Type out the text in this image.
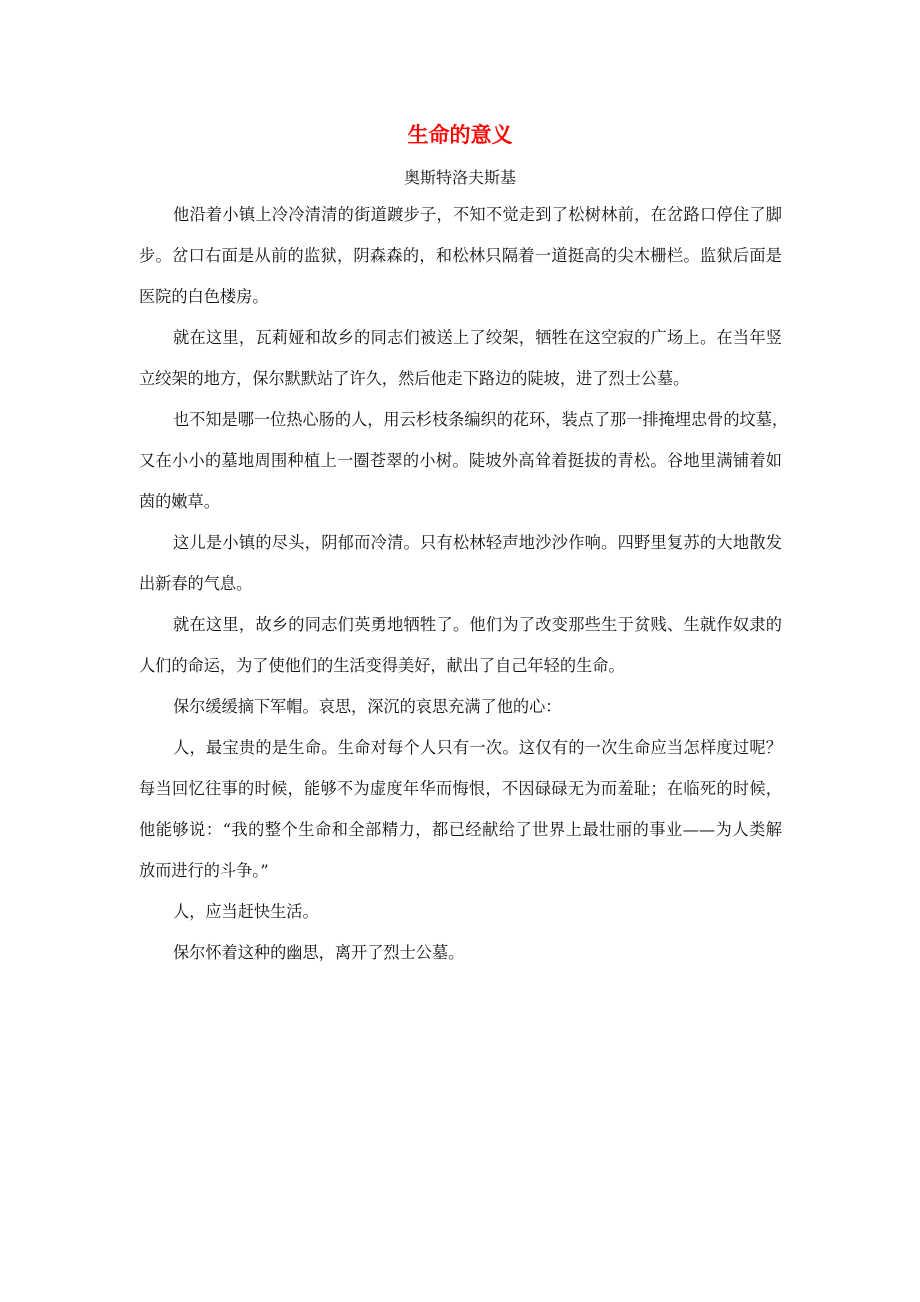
生命的意义
奥斯特洛夫斯基
他沿着小镇上冷冷清清的街道踱步子，不知不觉走到了松树林前，在岔路口停住了脚
步。岔口右面是从前的监狱，阴森森的，和松林只隔着一道挺高的尖木栅栏。监狱后面是
医院的白色楼房。
就在这里，瓦莉娅和故乡的同志们被送上了绞架，牺牲在这空寂的广场上。在当年竖
立绞架的地方，保尔默默站了许久，然后他走下路边的陡坡，进了烈士公墓。
也不知是哪一位热心肠的人，用云杉枝条编织的花环，装点了那一排掩埋忠骨的坟墓，
又在小小的墓地周围种植上一圈苍翠的小树。陡坡外高耸着挺拔的青松。谷地里满铺着如
茵的嫩草。
这儿是小镇的尽头，阴郁而冷清。只有松林轻声地沙沙作响。四野里复苏的大地散发
出新春的气息。
就在这里，故乡的同志们英勇地牺牲了。他们为了改变那些生于贫贱、生就作奴隶的
人们的命运，为了使他们的生活变得美好，献出了自己年轻的生命。
保尔缓缓摘下军帽。哀思，深沉的哀思充满了他的心：
人，最宝贵的是生命。生命对每个人只有一次。这仅有的一次生命应当怎样度过呢？
每当回忆往事的时候，能够不为虚度年华而悔恨，不因碌碌无为而羞耻；在临死的时候，
他能够说：“我的整个生命和全部精力，都已经献给了世界上最壮丽的事业——为人类解
放而进行的斗争。”
人，应当赶快生活。
保尔怀着这种的幽思，离开了烈士公墓。
